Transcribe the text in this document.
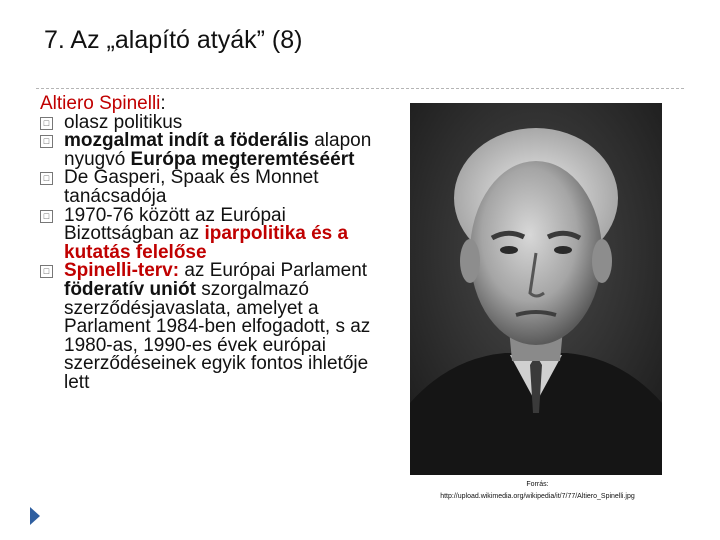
7. Az „alapító atyák” (8)
Altiero Spinelli:
□ olasz politikus
□ mozgalmat indít a föderális alapon nyugvó Európa megteremtéséért
□ De Gasperi, Spaak és Monnet tanácsadója
□ 1970-76 között az Európai Bizottságban az iparpolitika és a kutatás felelőse
□ Spinelli-terv: az Európai Parlament föderatív uniót szorgalmazó szerződésjavaslata, amelyet a Parlament 1984-ben elfogadott, s az 1980-as, 1990-es évek európai szerződéseinek egyik fontos ihletője lett
Forrás:
http://upload.wikimedia.org/wikipedia/it/7/77/Altiero_Spinelli.jpg
